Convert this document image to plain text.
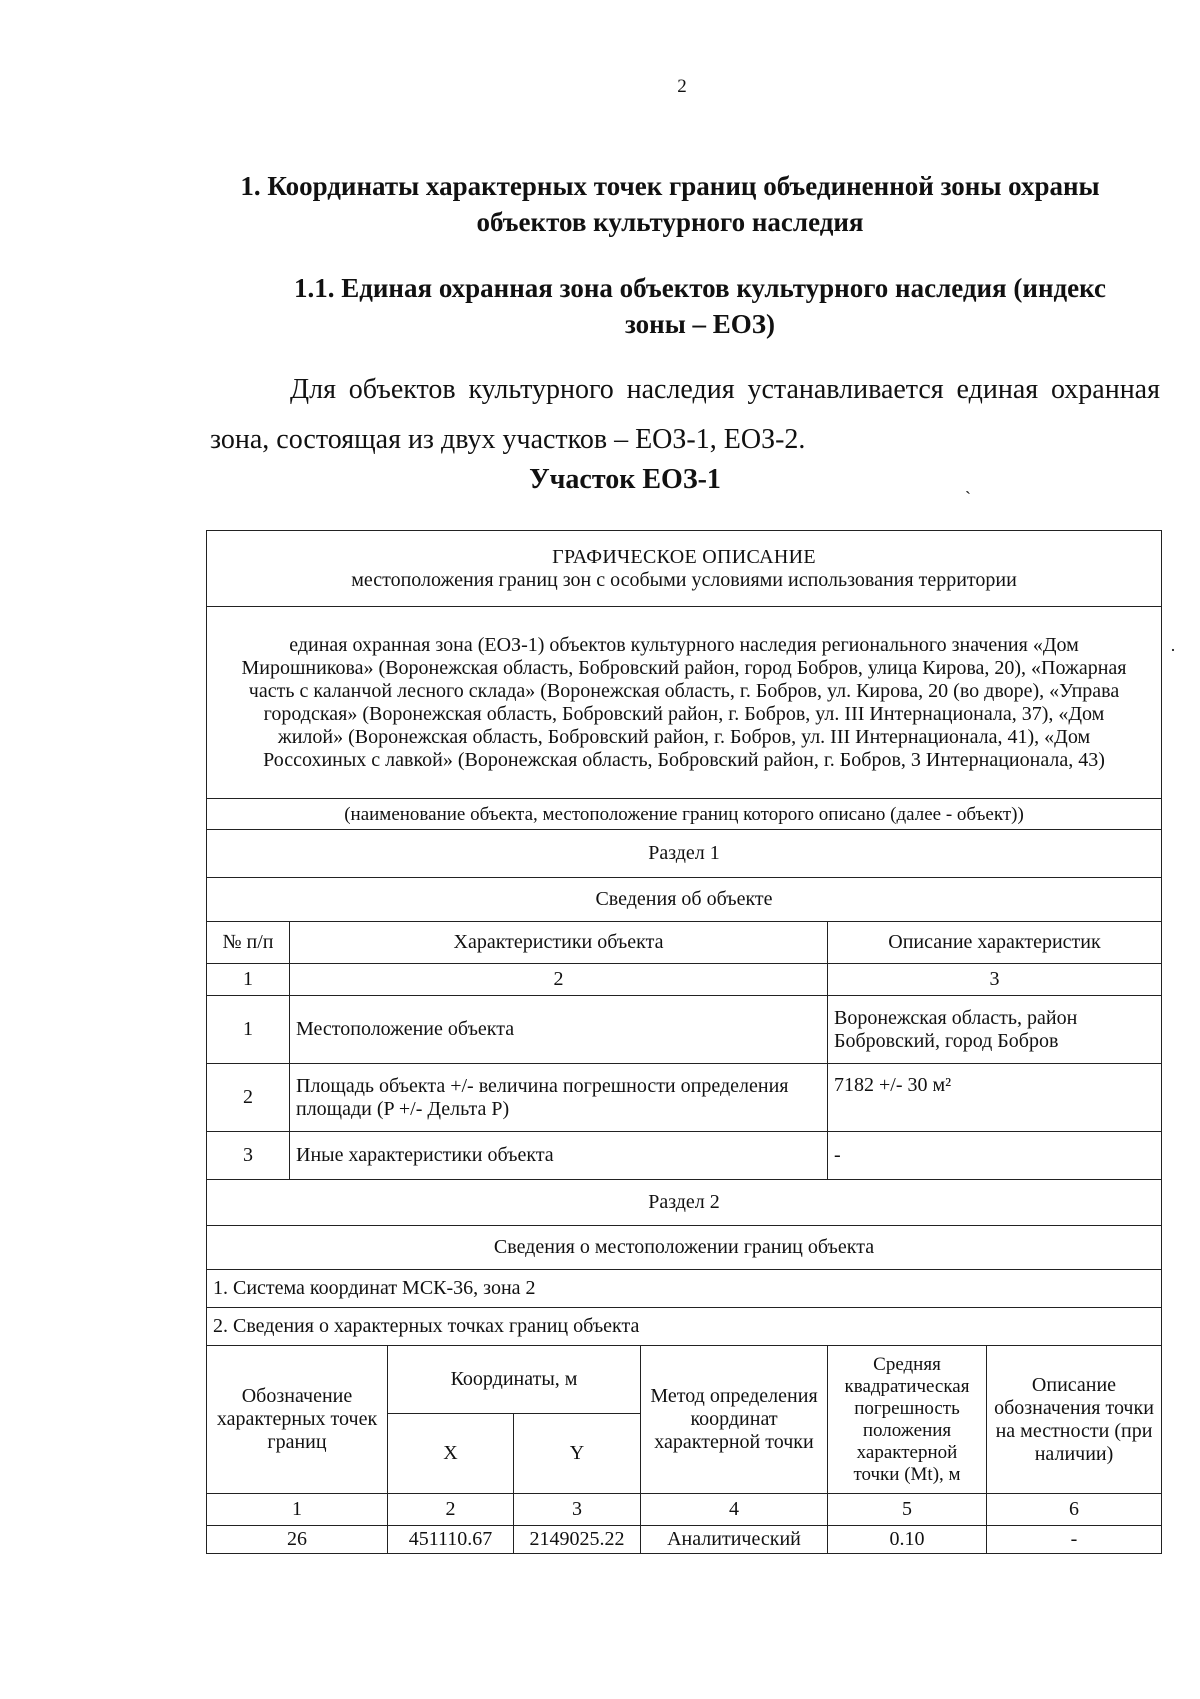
2
1. Координаты характерных точек границ объединенной зоны охраны объектов культурного наследия
1.1. Единая охранная зона объектов культурного наследия (индекс зоны – ЕОЗ)
Для объектов культурного наследия устанавливается единая охранная зона, состоящая из двух участков – ЕОЗ-1, ЕОЗ-2.
Участок ЕОЗ-1	ˏ
·
ГРАФИЧЕСКОЕ ОПИСАНИЕ
местоположения границ зон с особыми условиями использования территории						

единая охранная зона (ЕОЗ-1) объектов культурного наследия регионального значения «Дом Мирошникова» (Воронежская область, Бобровский район, город Бобров, улица Кирова, 20), «Пожарная часть с каланчой лесного склада» (Воронежская область, г. Бобров, ул. Кирова, 20 (во дворе), «Управа городская» (Воронежская область, Бобровский район, г. Бобров, ул. III Интернационала, 37), «Дом жилой» (Воронежская область, Бобровский район, г. Бобров, ул. III Интернационала, 41), «Дом Россохиных с лавкой» (Воронежская область, Бобровский район, г. Бобров, 3 Интернационала, 43)						

(наименование объекта, местоположение границ которого описано (далее - объект))						
Раздел 1						
Сведения об объекте						
№ п/п	Характеристики объекта				Описание характеристик	
1	2				3	
1	Местоположение объекта				Воронежская область, район Бобровский, город Бобров	
2	Площадь объекта +/- величина погрешности определения площади (P +/- Дельта P)				7182 +/- 30 м²	
3	Иные характеристики объекта				-	
Раздел 2						
Сведения о местоположении границ объекта						
1. Система координат МСК-36, зона 2						
2. Сведения о характерных точках границ объекта						
Обозначение характерных точек границ		Координаты, м		Метод определения координат характерной точки	Средняя квадратическая погрешность положения характерной точки (Mt), м	Описание обозначения точки на местности (при наличии)
		X	Y			
1		2	3	4	5	6
26		451110.67	2149025.22	Аналитический	0.10	-
